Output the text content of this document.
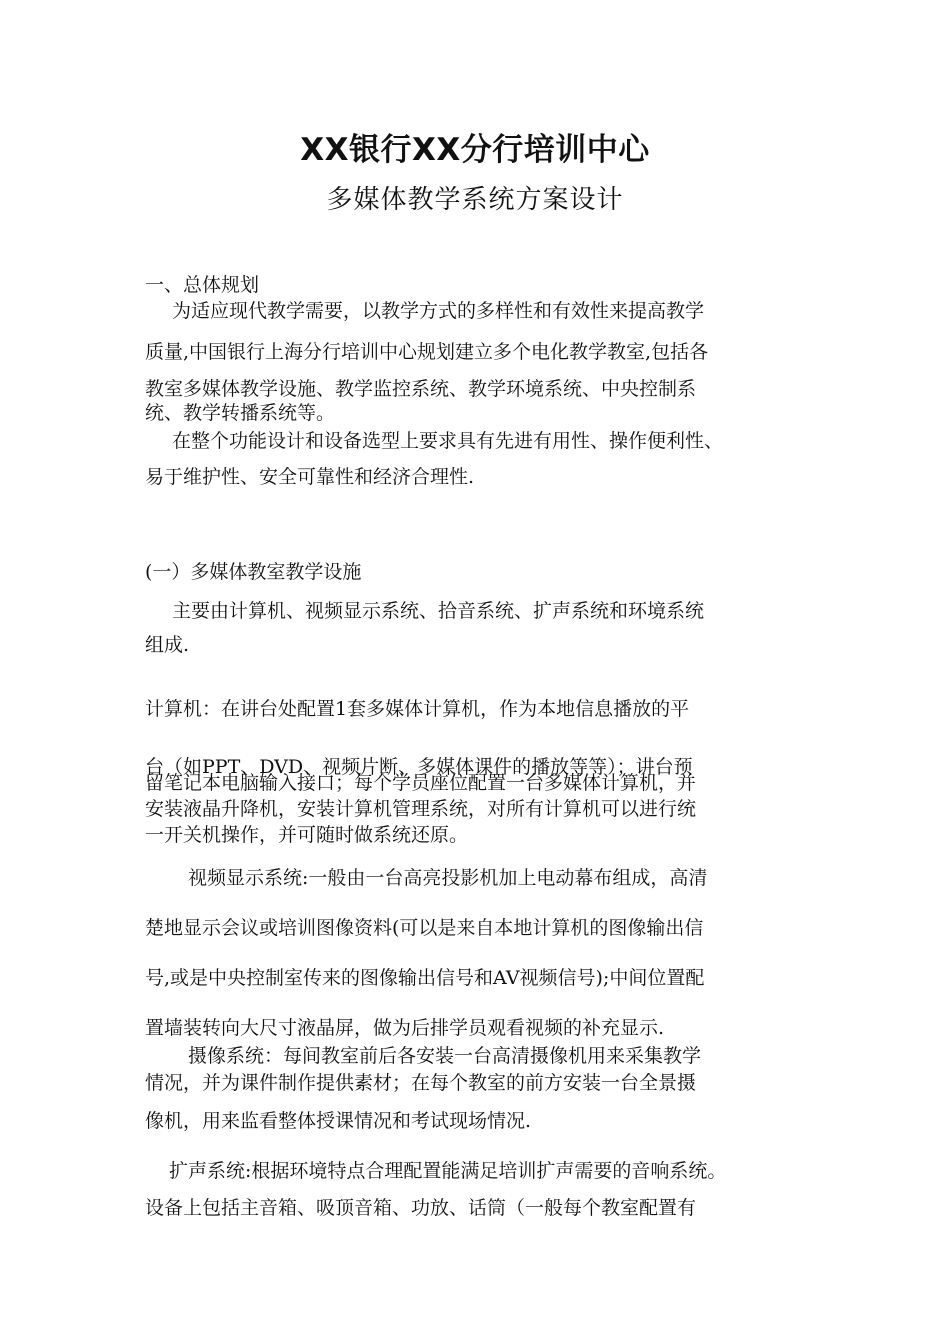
XX银行XX分行培训中心
多媒体教学系统方案设计
一、总体规划
为适应现代教学需要，以教学方式的多样性和有效性来提高教学
质量,中国银行上海分行培训中心规划建立多个电化教学教室,包括各
教室多媒体教学设施、教学监控系统、教学环境系统、中央控制系
统、教学转播系统等。
在整个功能设计和设备选型上要求具有先进有用性、操作便利性、
易于维护性、安全可靠性和经济合理性.
(一）多媒体教室教学设施
主要由计算机、视频显示系统、拾音系统、扩声系统和环境系统
组成.
计算机：在讲台处配置1套多媒体计算机，作为本地信息播放的平
台（如PPT、DVD、视频片断、多媒体课件的播放等等）；讲台预
留笔记本电脑输入接口；每个学员座位配置一台多媒体计算机，并
安装液晶升降机，安装计算机管理系统，对所有计算机可以进行统
一开关机操作，并可随时做系统还原。
视频显示系统:一般由一台高亮投影机加上电动幕布组成，高清
楚地显示会议或培训图像资料(可以是来自本地计算机的图像输出信
号,或是中央控制室传来的图像输出信号和AV视频信号);中间位置配
置墙装转向大尺寸液晶屏，做为后排学员观看视频的补充显示.
摄像系统：每间教室前后各安装一台高清摄像机用来采集教学
情况，并为课件制作提供素材；在每个教室的前方安装一台全景摄
像机，用来监看整体授课情况和考试现场情况.
扩声系统:根据环境特点合理配置能满足培训扩声需要的音响系统。
设备上包括主音箱、吸顶音箱、功放、话筒（一般每个教室配置有
